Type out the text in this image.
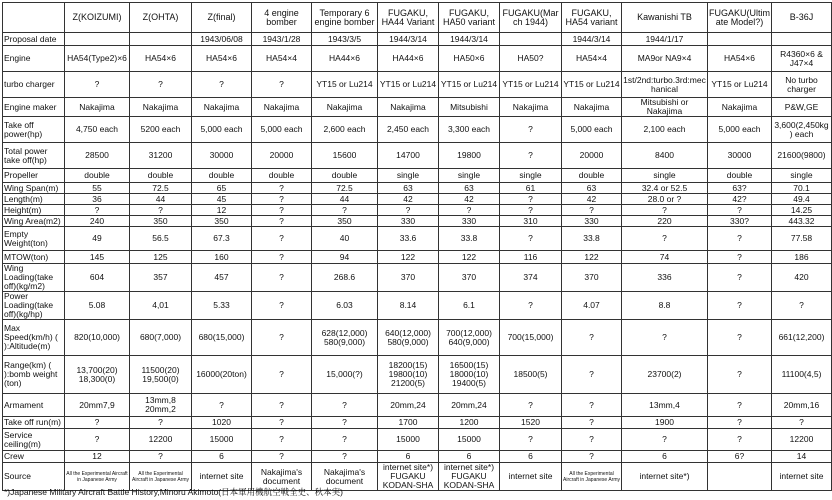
	Z(KOIZUMI)	Z(OHTA)	Z(final)	4 engine bomber	Temporary 6 engine bomber	FUGAKU, HA44 Variant	FUGAKU, HA50 variant	FUGAKU(March 1944)	FUGAKU, HA54 variant	Kawanishi TB	FUGAKU(Ultimate Model?)	B-36J
Proposal date			1943/06/08	1943/1/28	1943/3/5	1944/3/14	1944/3/14		1944/3/14	1944/1/17		
Engine	HA54(Type2)×6	HA54×6	HA54×6	HA54×4	HA44×6	HA44×6	HA50×6	HA50?	HA54×4	MA9or NA9×4	HA54×6	R4360×6 & J47×4
turbo charger	?	?	?	?	YT15 or Lu214	YT15 or Lu214	YT15 or Lu214	YT15 or Lu214	YT15 or Lu214	1st/2nd:turbo.3rd:mechanical	YT15 or Lu214	No turbo charger
Engine maker	Nakajima	Nakajima	Nakajima	Nakajima	Nakajima	Nakajima	Mitsubishi	Nakajima	Nakajima	Mitsubishi or Nakajima	Nakajima	P&W,GE
Take off power(hp)	4,750 each	5200 each	5,000 each	5,000 each	2,600 each	2,450 each	3,300 each	?	5,000 each	2,100 each	5,000 each	3,600(2,450kg) each
Total power take off(hp)	28500	31200	30000	20000	15600	14700	19800	?	20000	8400	30000	21600(9800)
Propeller	double	double	double	double	double	single	single	single	double	single	double	single
Wing Span(m)	55	72.5	65	?	72.5	63	63	61	63	32.4 or 52.5	63?	70.1
Length(m)	36	44	45	?	44	42	42	?	42	28.0 or ?	42?	49.4
Height(m)	?	?	12	?	?	?	?	?	?	?	?	14.25
Wing Area(m2)	240	350	350	?	350	330	330	310	330	220	330?	443.32
Empty Weight(ton)	49	56.5	67.3	?	40	33.6	33.8	?	33.8	?	?	77.58
MTOW(ton)	145	125	160	?	94	122	122	116	122	74	?	186
Wing Loading(take off)(kg/m2)	604	357	457	?	268.6	370	370	374	370	336	?	420
Power Loading(take off)(kg/hp)	5.08	4,01	5.33	?	6.03	8.14	6.1	?	4.07	8.8	?	?
Max Speed(km/h) ( ):Altitude(m)	820(10,000)	680(7,000)	680(15,000)	?	628(12,000) 580(9,000)	640(12,000) 580(9,000)	700(12,000) 640(9,000)	700(15,000)	?	?	?	661(12,200)
Range(km) ( ):bomb weight (ton)	13,700(20) 18,300(0)	11500(20) 19,500(0)	16000(20ton)	?	15,000(?)	18200(15) 19800(10) 21200(5)	16500(15) 18000(10) 19400(5)	18500(5)	?	23700(2)	?	11100(4,5)
Armament	20mm7,9	13mm,8 20mm,2	?	?	?	20mm,24	20mm,24	?	?	13mm,4	?	20mm,16
Take off run(m)	?	?	1020	?	?	1700	1200	1520	?	1900	?	?
Service ceiling(m)	?	12200	15000	?	?	15000	15000	?	?	?	?	12200
Crew	12	?	6	?	?	6	6	6	?	6	6?	14
Source	All the Experimental Aircraft in Japanese Army	All the Experimental Aircraft in Japanese Army	internet site	Nakajima's document	Nakajima's document	internet site*) FUGAKU KODAN-SHA	internet site*) FUGAKU KODAN-SHA	internet site	All the Experimental Aircraft in Japanese Army	internet site*)		internet site
*)Japanese Military Aircraft Battle History,Minoru Akimoto(日本軍用機航空戦全史、秋本実)
